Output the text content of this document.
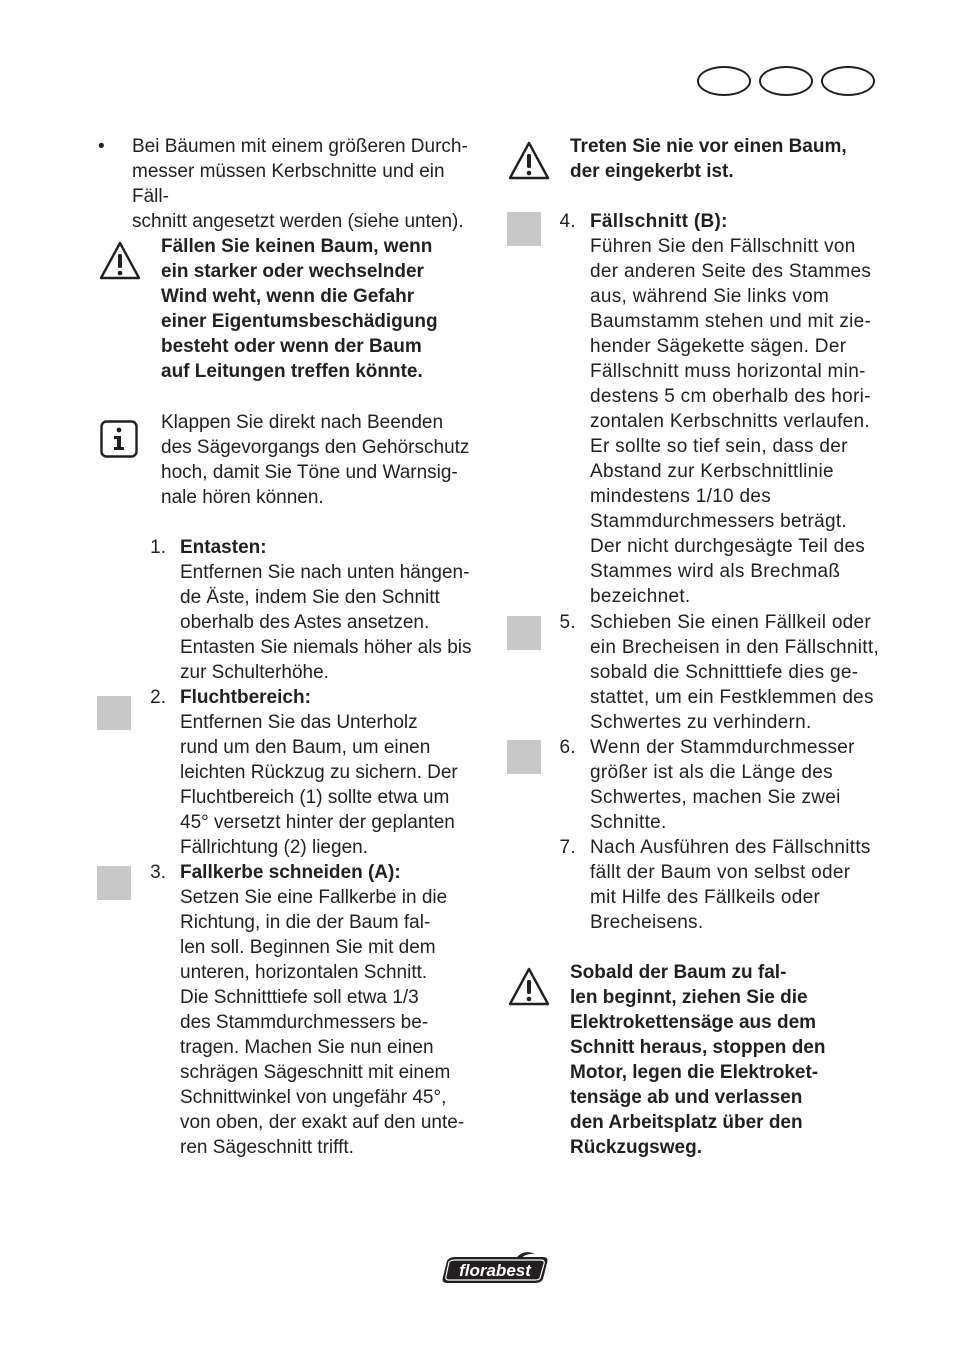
• Bei Bäumen mit einem größeren Durch-
messer müssen Kerbschnitte und ein Fäll-
schnitt angesetzt werden (siehe unten).
Fällen Sie keinen Baum, wenn
ein starker oder wechselnder
Wind weht, wenn die Gefahr
einer Eigentumsbeschädigung
besteht oder wenn der Baum
auf Leitungen treffen könnte.
Klappen Sie direkt nach Beenden
des Sägevorgangs den Gehörschutz
hoch, damit Sie Töne und Warnsig-
nale hören können.
1. Entasten:
Entfernen Sie nach unten hängen-
de Äste, indem Sie den Schnitt
oberhalb des Astes ansetzen.
Entasten Sie niemals höher als bis
zur Schulterhöhe.
2. Fluchtbereich:
Entfernen Sie das Unterholz
rund um den Baum, um einen
leichten Rückzug zu sichern. Der
Fluchtbereich (1) sollte etwa um
45° versetzt hinter der geplanten
Fällrichtung (2) liegen.
3. Fallkerbe schneiden (A):
Setzen Sie eine Fallkerbe in die
Richtung, in die der Baum fal-
len soll. Beginnen Sie mit dem
unteren, horizontalen Schnitt.
Die Schnitttiefe soll etwa 1/3
des Stammdurchmessers be-
tragen. Machen Sie nun einen
schrägen Sägeschnitt mit einem
Schnittwinkel von ungefähr 45°,
von oben, der exakt auf den unte-
ren Sägeschnitt trifft.
Treten Sie nie vor einen Baum,
der eingekerbt ist.
4. Fällschnitt (B):
Führen Sie den Fällschnitt von
der anderen Seite des Stammes
aus, während Sie links vom
Baumstamm stehen und mit zie-
hender Sägekette sägen. Der
Fällschnitt muss horizontal min-
destens 5 cm oberhalb des hori-
zontalen Kerbschnitts verlaufen.
Er sollte so tief sein, dass der
Abstand zur Kerbschnittlinie
mindestens 1/10 des
Stammdurchmessers beträgt.
Der nicht durchgesägte Teil des
Stammes wird als Brechmaß
bezeichnet.
5. Schieben Sie einen Fällkeil oder
ein Brecheisen in den Fällschnitt,
sobald die Schnitttiefe dies ge-
stattet, um ein Festklemmen des
Schwertes zu verhindern.
6. Wenn der Stammdurchmesser
größer ist als die Länge des
Schwertes, machen Sie zwei
Schnitte.
7. Nach Ausführen des Fällschnitts
fällt der Baum von selbst oder
mit Hilfe des Fällkeils oder
Brecheisens.
Sobald der Baum zu fal-
len beginnt, ziehen Sie die
Elektrokettensäge aus dem
Schnitt heraus, stoppen den
Motor, legen die Elektroket-
tensäge ab und verlassen
den Arbeitsplatz über den
Rückzugsweg.
florabest
